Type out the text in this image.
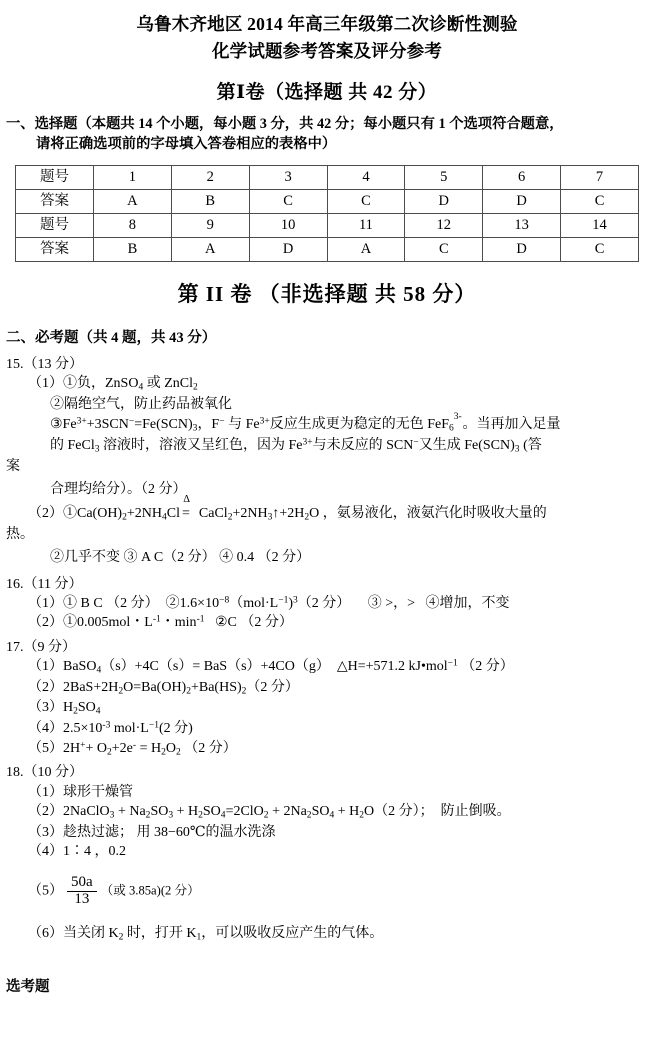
乌鲁木齐地区 2014 年高三年级第二次诊断性测验
化学试题参考答案及评分参考
第Ⅰ卷（选择题 共 42 分）
一、选择题（本题共 14 个小题，每小题 3 分，共 42 分；每小题只有 1 个选项符合题意，
请将正确选项前的字母填入答卷相应的表格中）
题号	1	2	3	4	5	6	7
答案	A	B	C	C	D	D	C
题号	8	9	10	11	12	13	14
答案	B	A	D	A	C	D	C
第 II 卷 （非选择题 共 58 分）
二、必考题（共 4 题，共 43 分）
15.（13 分）
（1）①负，ZnSO$_4$ 或 ZnCl$_2$
②隔绝空气，防止药品被氧化
$③Fe^{3+}+3SCN^-=Fe(SCN)_3$，F− 与 $Fe^{3+}$反应生成更为稳定的无色 FeF$_6$
3- 。当再加入足量
的 FeCl$_3$ 溶液时，溶液又呈红色，因为 $Fe^{3+}$与未反应的 SCN−又生成 $Fe(SCN)_3$ (答
案
合理均给分）。（2 分）
$(2)①Ca(OH)_2+2NH_4Cl$
Δ
=  $CaCl_2+2NH_3↑+2H_2O$ ，氨易液化，液氨汽化时吸收大量的
热。
②几乎不变 ③ A C（2 分） ④ 0.4 （2 分）
16.（11 分）
（1）① B C （2 分）  $②1.6\times 10^{-8}(mol\cdot L^{-1})^3(2$ 分）     ③ >，>   ④增加，不变
（2）①0.005mol・$L^{-1}$・$\min^{-1}$   ②C （2 分）
17.（9 分）
（1）BaSO$_4$（s）+4C（s）= BaS（s）+4CO（g）  △H=+571.2 kJ•mol$^{-1}$ （2 分）
$(2)2BaS+2H_2O=Ba(OH)_2+Ba(HS)_2(2$ 分）
$(3)H_2SO_4$
$(4)2.5\times 10^{-3}$ $mol\cdot L^{-1}(2$ 分)
$(5)2H^++ O_2+2e^- = H_2O_2$ （2 分）
18.（10 分）
（1）球形干燥管
（2）2NaClO$_3$ + $Na_2SO_3 + H_2SO_4=2ClO_2 + 2Na_2SO_4 + H_2O(2$ 分）；  防止倒吸。
（3）趁热过滤； 用 38−60℃的温水洗涤
（4）1∶4 ，0.2
$(5) \frac{50a}{13}$ （或 3.85a)(2 分）
（6）当关闭 $K_2$ 时，打开 $K_1$，可以吸收反应产生的气体。
选考题
